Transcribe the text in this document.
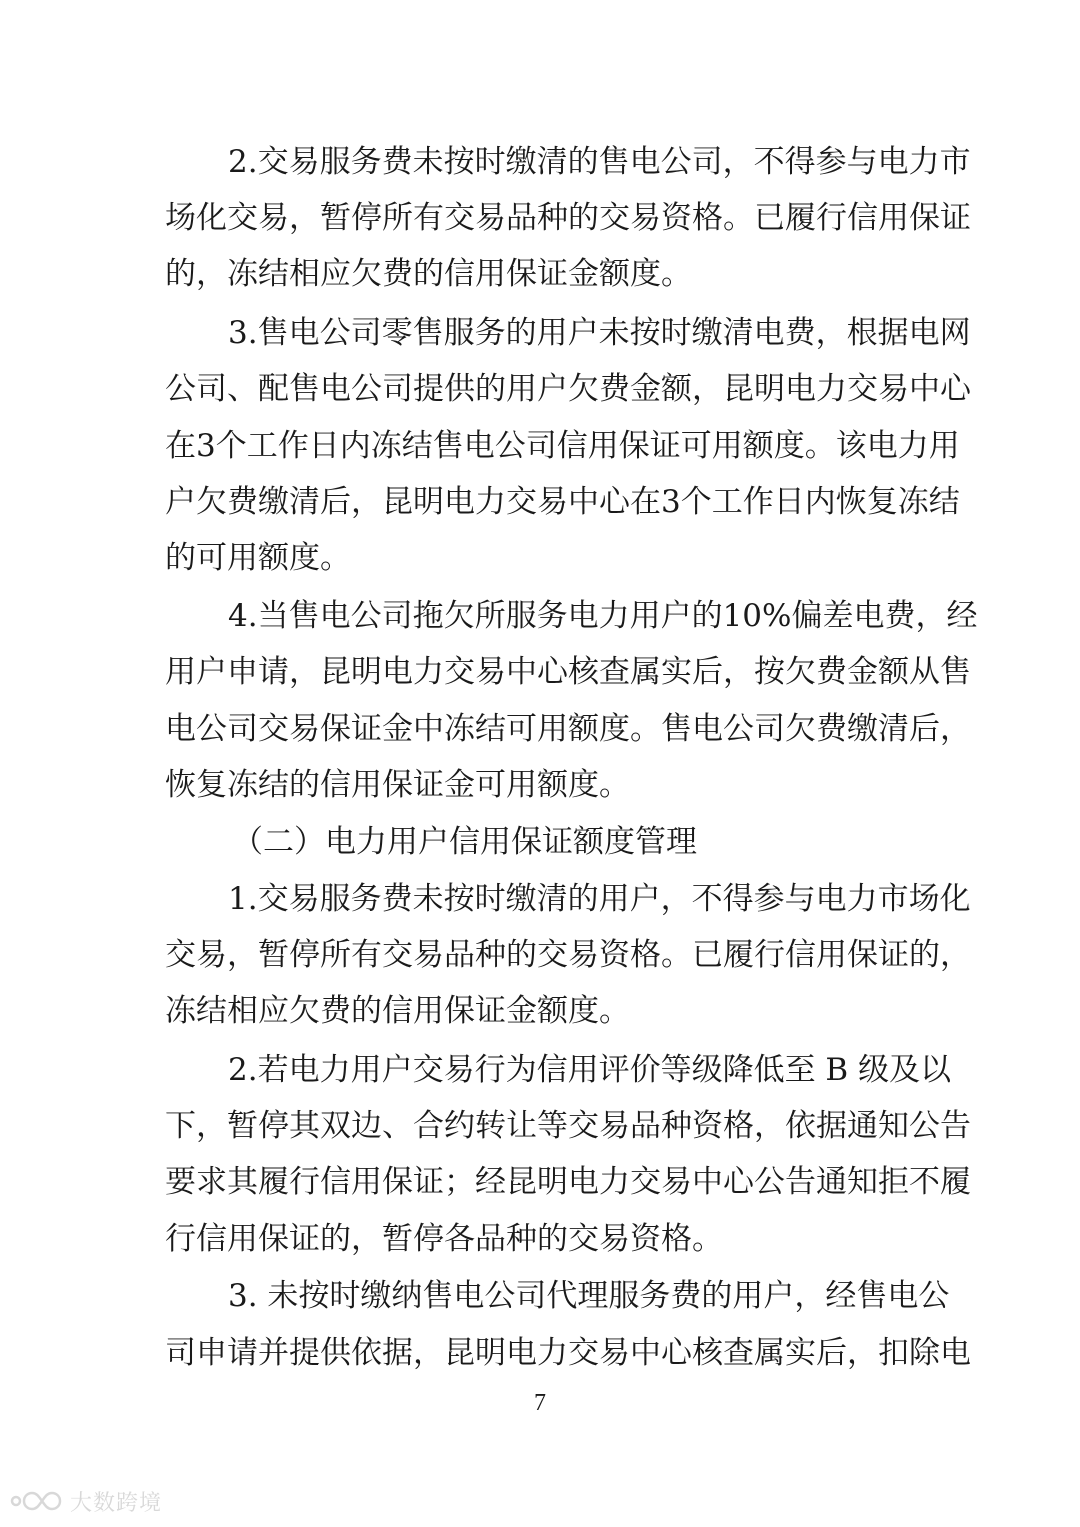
2.交易服务费未按时缴清的售电公司，不得参与电力市
场化交易，暂停所有交易品种的交易资格。已履行信用保证
的，冻结相应欠费的信用保证金额度。
3.售电公司零售服务的用户未按时缴清电费，根据电网
公司、配售电公司提供的用户欠费金额，昆明电力交易中心
在3个工作日内冻结售电公司信用保证可用额度。该电力用
户欠费缴清后，昆明电力交易中心在3个工作日内恢复冻结
的可用额度。
4.当售电公司拖欠所服务电力用户的10%偏差电费，经
用户申请，昆明电力交易中心核查属实后，按欠费金额从售
电公司交易保证金中冻结可用额度。售电公司欠费缴清后，
恢复冻结的信用保证金可用额度。
（二）电力用户信用保证额度管理
1.交易服务费未按时缴清的用户，不得参与电力市场化
交易，暂停所有交易品种的交易资格。已履行信用保证的，
冻结相应欠费的信用保证金额度。
2.若电力用户交易行为信用评价等级降低至 B 级及以
下，暂停其双边、合约转让等交易品种资格，依据通知公告
要求其履行信用保证；经昆明电力交易中心公告通知拒不履
行信用保证的，暂停各品种的交易资格。
3. 未按时缴纳售电公司代理服务费的用户，经售电公
司申请并提供依据，昆明电力交易中心核查属实后，扣除电
7
大数跨境
